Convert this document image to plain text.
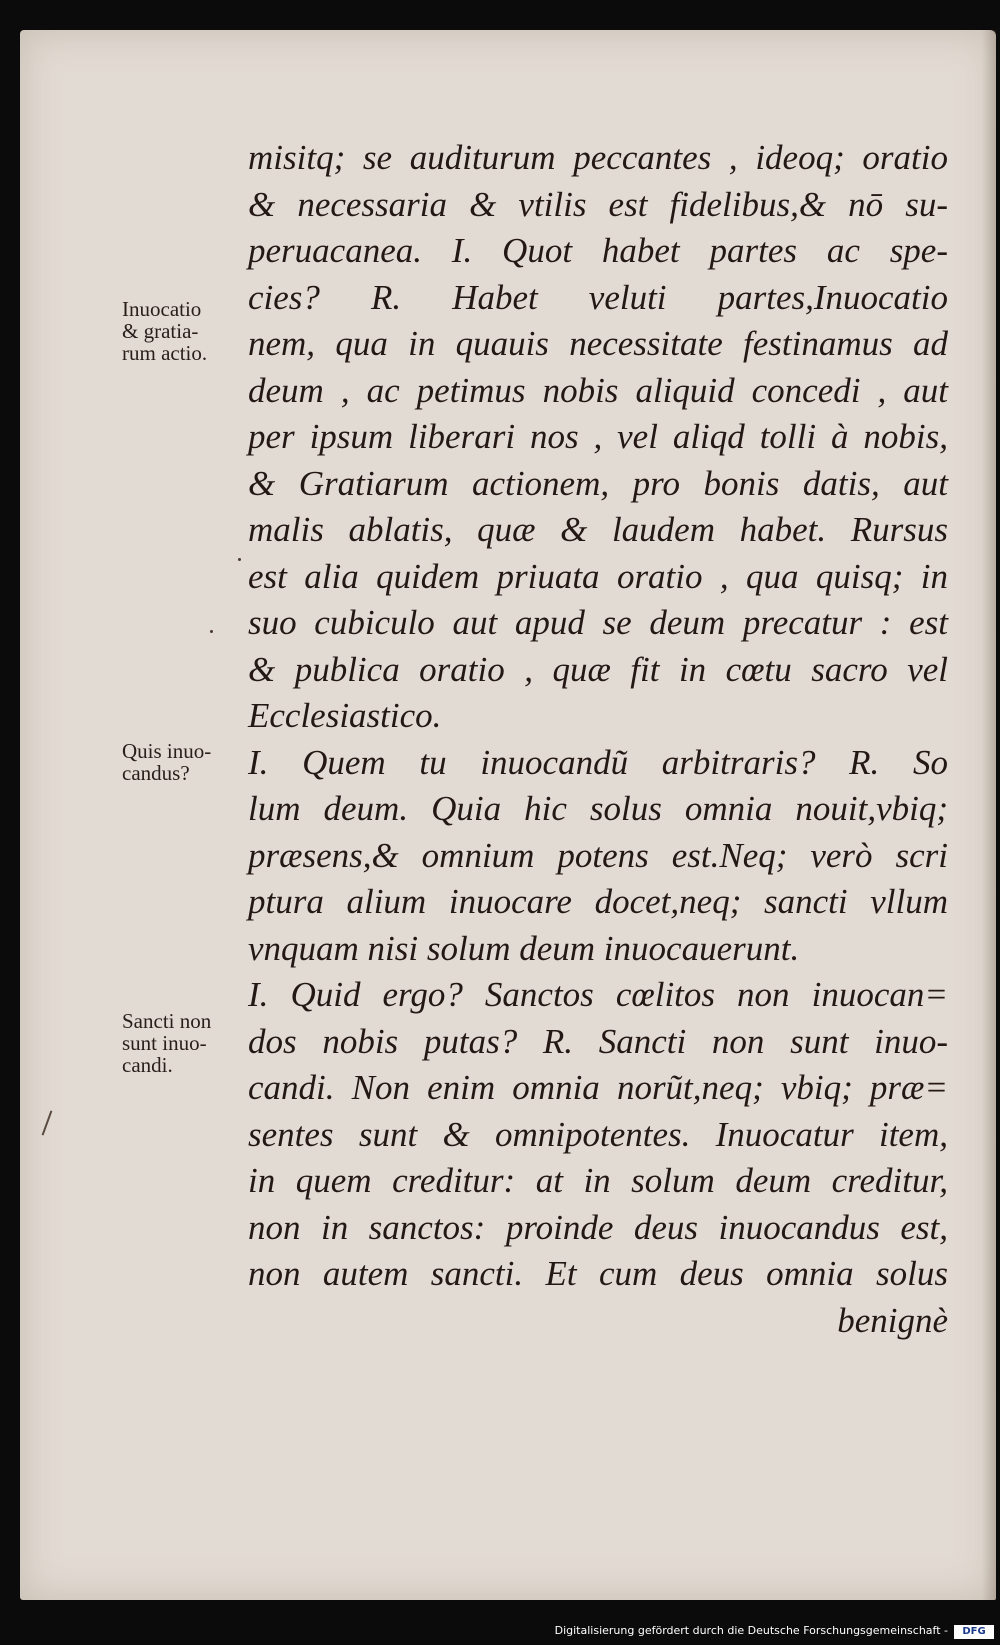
Inuocatio
& gratia-
rum actio.
Quis inuo-
candus?
Sancti non
sunt inuo-
candi.
misitq; se auditurum peccantes , ideoq; oratio
& necessaria & vtilis est fidelibus,& nō su-
peruacanea. I. Quot habet partes ac spe-
cies? R. Habet veluti partes,Inuocatio
nem, qua in quauis necessitate festinamus ad
deum , ac petimus nobis aliquid concedi , aut
per ipsum liberari nos , vel aliqd tolli à nobis,
& Gratiarum actionem, pro bonis datis, aut
malis ablatis, quæ & laudem habet. Rursus
est alia quidem priuata oratio , qua quisq; in
suo cubiculo aut apud se deum precatur : est
& publica oratio , quæ fit in cœtu sacro vel
Ecclesiastico.
I. Quem tu inuocandũ arbitraris? R. So
lum deum. Quia hic solus omnia nouit,vbiq;
præsens,& omnium potens est.Neq; verò scri
ptura alium inuocare docet,neq; sancti vllum
vnquam nisi solum deum inuocauerunt.
I. Quid ergo? Sanctos cœlitos non inuocan=
dos nobis putas? R. Sancti non sunt inuo-
candi. Non enim omnia norũt,neq; vbiq; præ=
sentes sunt & omnipotentes. Inuocatur item,
in quem creditur: at in solum deum creditur,
non in sanctos: proinde deus inuocandus est,
non autem sancti. Et cum deus omnia solus
benignè
Digitalisierung gefördert durch die Deutsche Forschungsgemeinschaft -	DFG
